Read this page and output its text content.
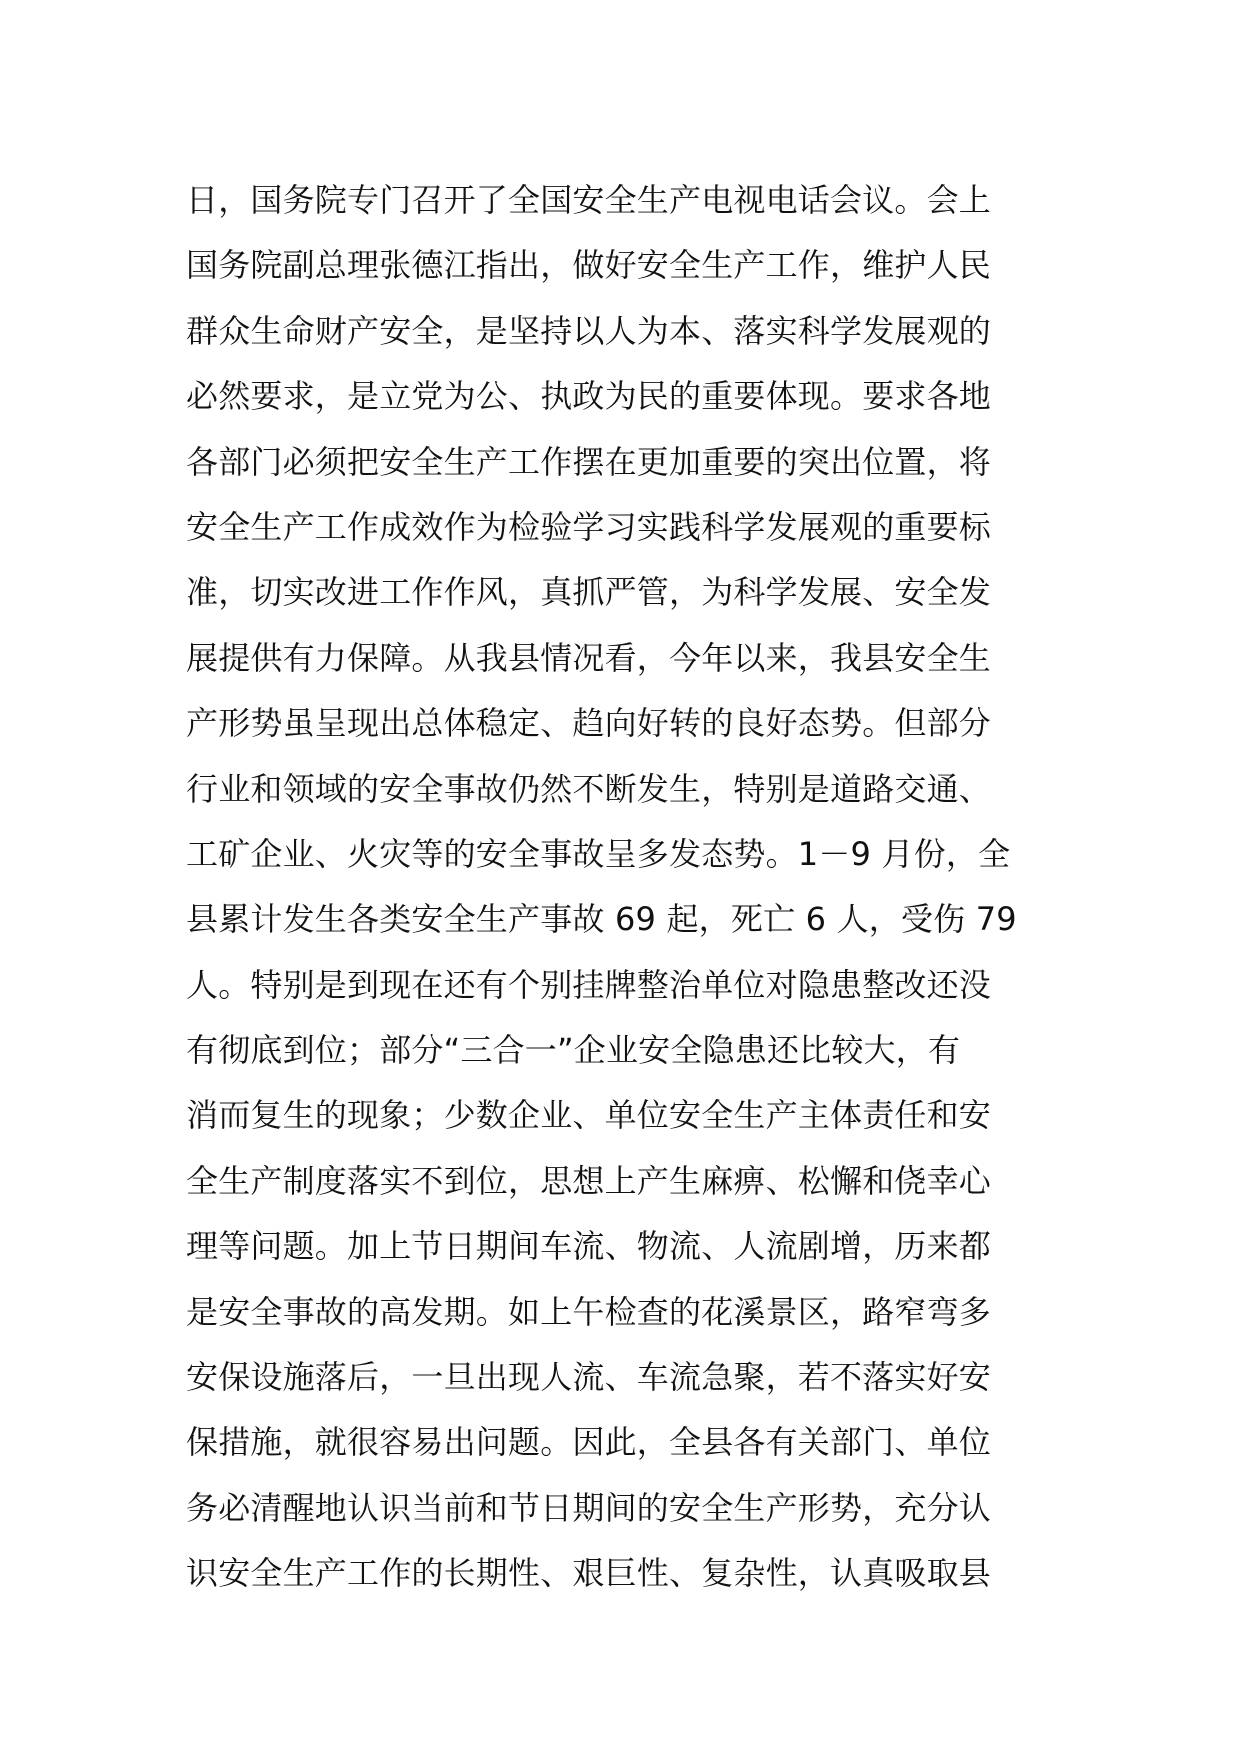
日，国务院专门召开了全国安全生产电视电话会议。会上
国务院副总理张德江指出，做好安全生产工作，维护人民
群众生命财产安全，是坚持以人为本、落实科学发展观的
必然要求，是立党为公、执政为民的重要体现。要求各地
各部门必须把安全生产工作摆在更加重要的突出位置，将
安全生产工作成效作为检验学习实践科学发展观的重要标
准，切实改进工作作风，真抓严管，为科学发展、安全发
展提供有力保障。从我县情况看，今年以来，我县安全生
产形势虽呈现出总体稳定、趋向好转的良好态势。但部分
行业和领域的安全事故仍然不断发生，特别是道路交通、
工矿企业、火灾等的安全事故呈多发态势。1－9 月份，全
县累计发生各类安全生产事故 69 起，死亡 6 人，受伤 79
人。特别是到现在还有个别挂牌整治单位对隐患整改还没
有彻底到位；部分“三合一”企业安全隐患还比较大，有
消而复生的现象；少数企业、单位安全生产主体责任和安
全生产制度落实不到位，思想上产生麻痹、松懈和侥幸心
理等问题。加上节日期间车流、物流、人流剧增，历来都
是安全事故的高发期。如上午检查的花溪景区，路窄弯多
安保设施落后，一旦出现人流、车流急聚，若不落实好安
保措施，就很容易出问题。因此，全县各有关部门、单位
务必清醒地认识当前和节日期间的安全生产形势，充分认
识安全生产工作的长期性、艰巨性、复杂性，认真吸取县
